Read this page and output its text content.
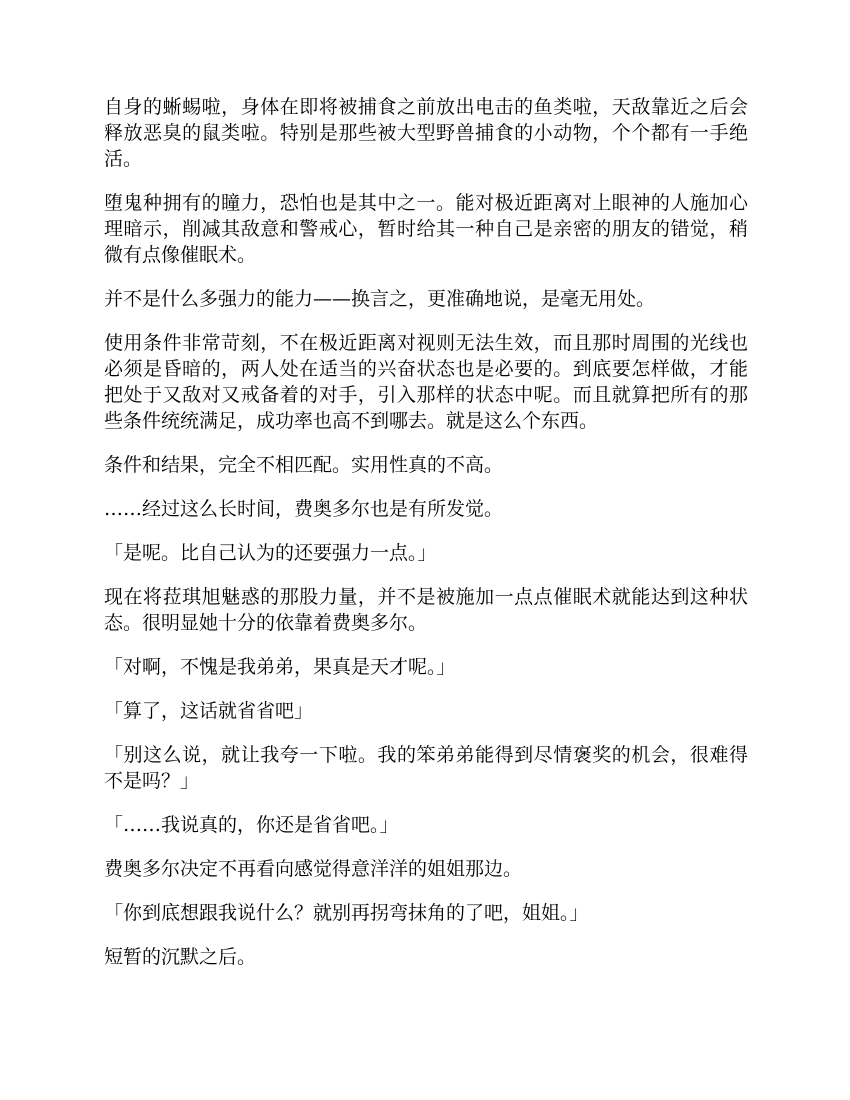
自身的蜥蜴啦，身体在即将被捕食之前放出电击的鱼类啦，天敌靠近之后会释放恶臭的鼠类啦。特别是那些被大型野兽捕食的小动物，个个都有一手绝活。

堕鬼种拥有的瞳力，恐怕也是其中之一。能对极近距离对上眼神的人施加心理暗示，削减其敌意和警戒心，暂时给其一种自己是亲密的朋友的错觉，稍微有点像催眠术。

并不是什么多强力的能力——换言之，更准确地说，是毫无用处。

使用条件非常苛刻，不在极近距离对视则无法生效，而且那时周围的光线也必须是昏暗的，两人处在适当的兴奋状态也是必要的。到底要怎样做，才能把处于又敌对又戒备着的对手，引入那样的状态中呢。而且就算把所有的那些条件统统满足，成功率也高不到哪去。就是这么个东西。

条件和结果，完全不相匹配。实用性真的不高。

……经过这么长时间，费奥多尔也是有所发觉。

「是呢。比自己认为的还要强力一点。」

现在将菈琪旭魅惑的那股力量，并不是被施加一点点催眠术就能达到这种状态。很明显她十分的依靠着费奥多尔。

「对啊，不愧是我弟弟，果真是天才呢。」

「算了，这话就省省吧」

「别这么说，就让我夸一下啦。我的笨弟弟能得到尽情褒奖的机会，很难得不是吗？」

「……我说真的，你还是省省吧。」

费奥多尔决定不再看向感觉得意洋洋的姐姐那边。

「你到底想跟我说什么？就别再拐弯抹角的了吧，姐姐。」

短暂的沉默之后。
